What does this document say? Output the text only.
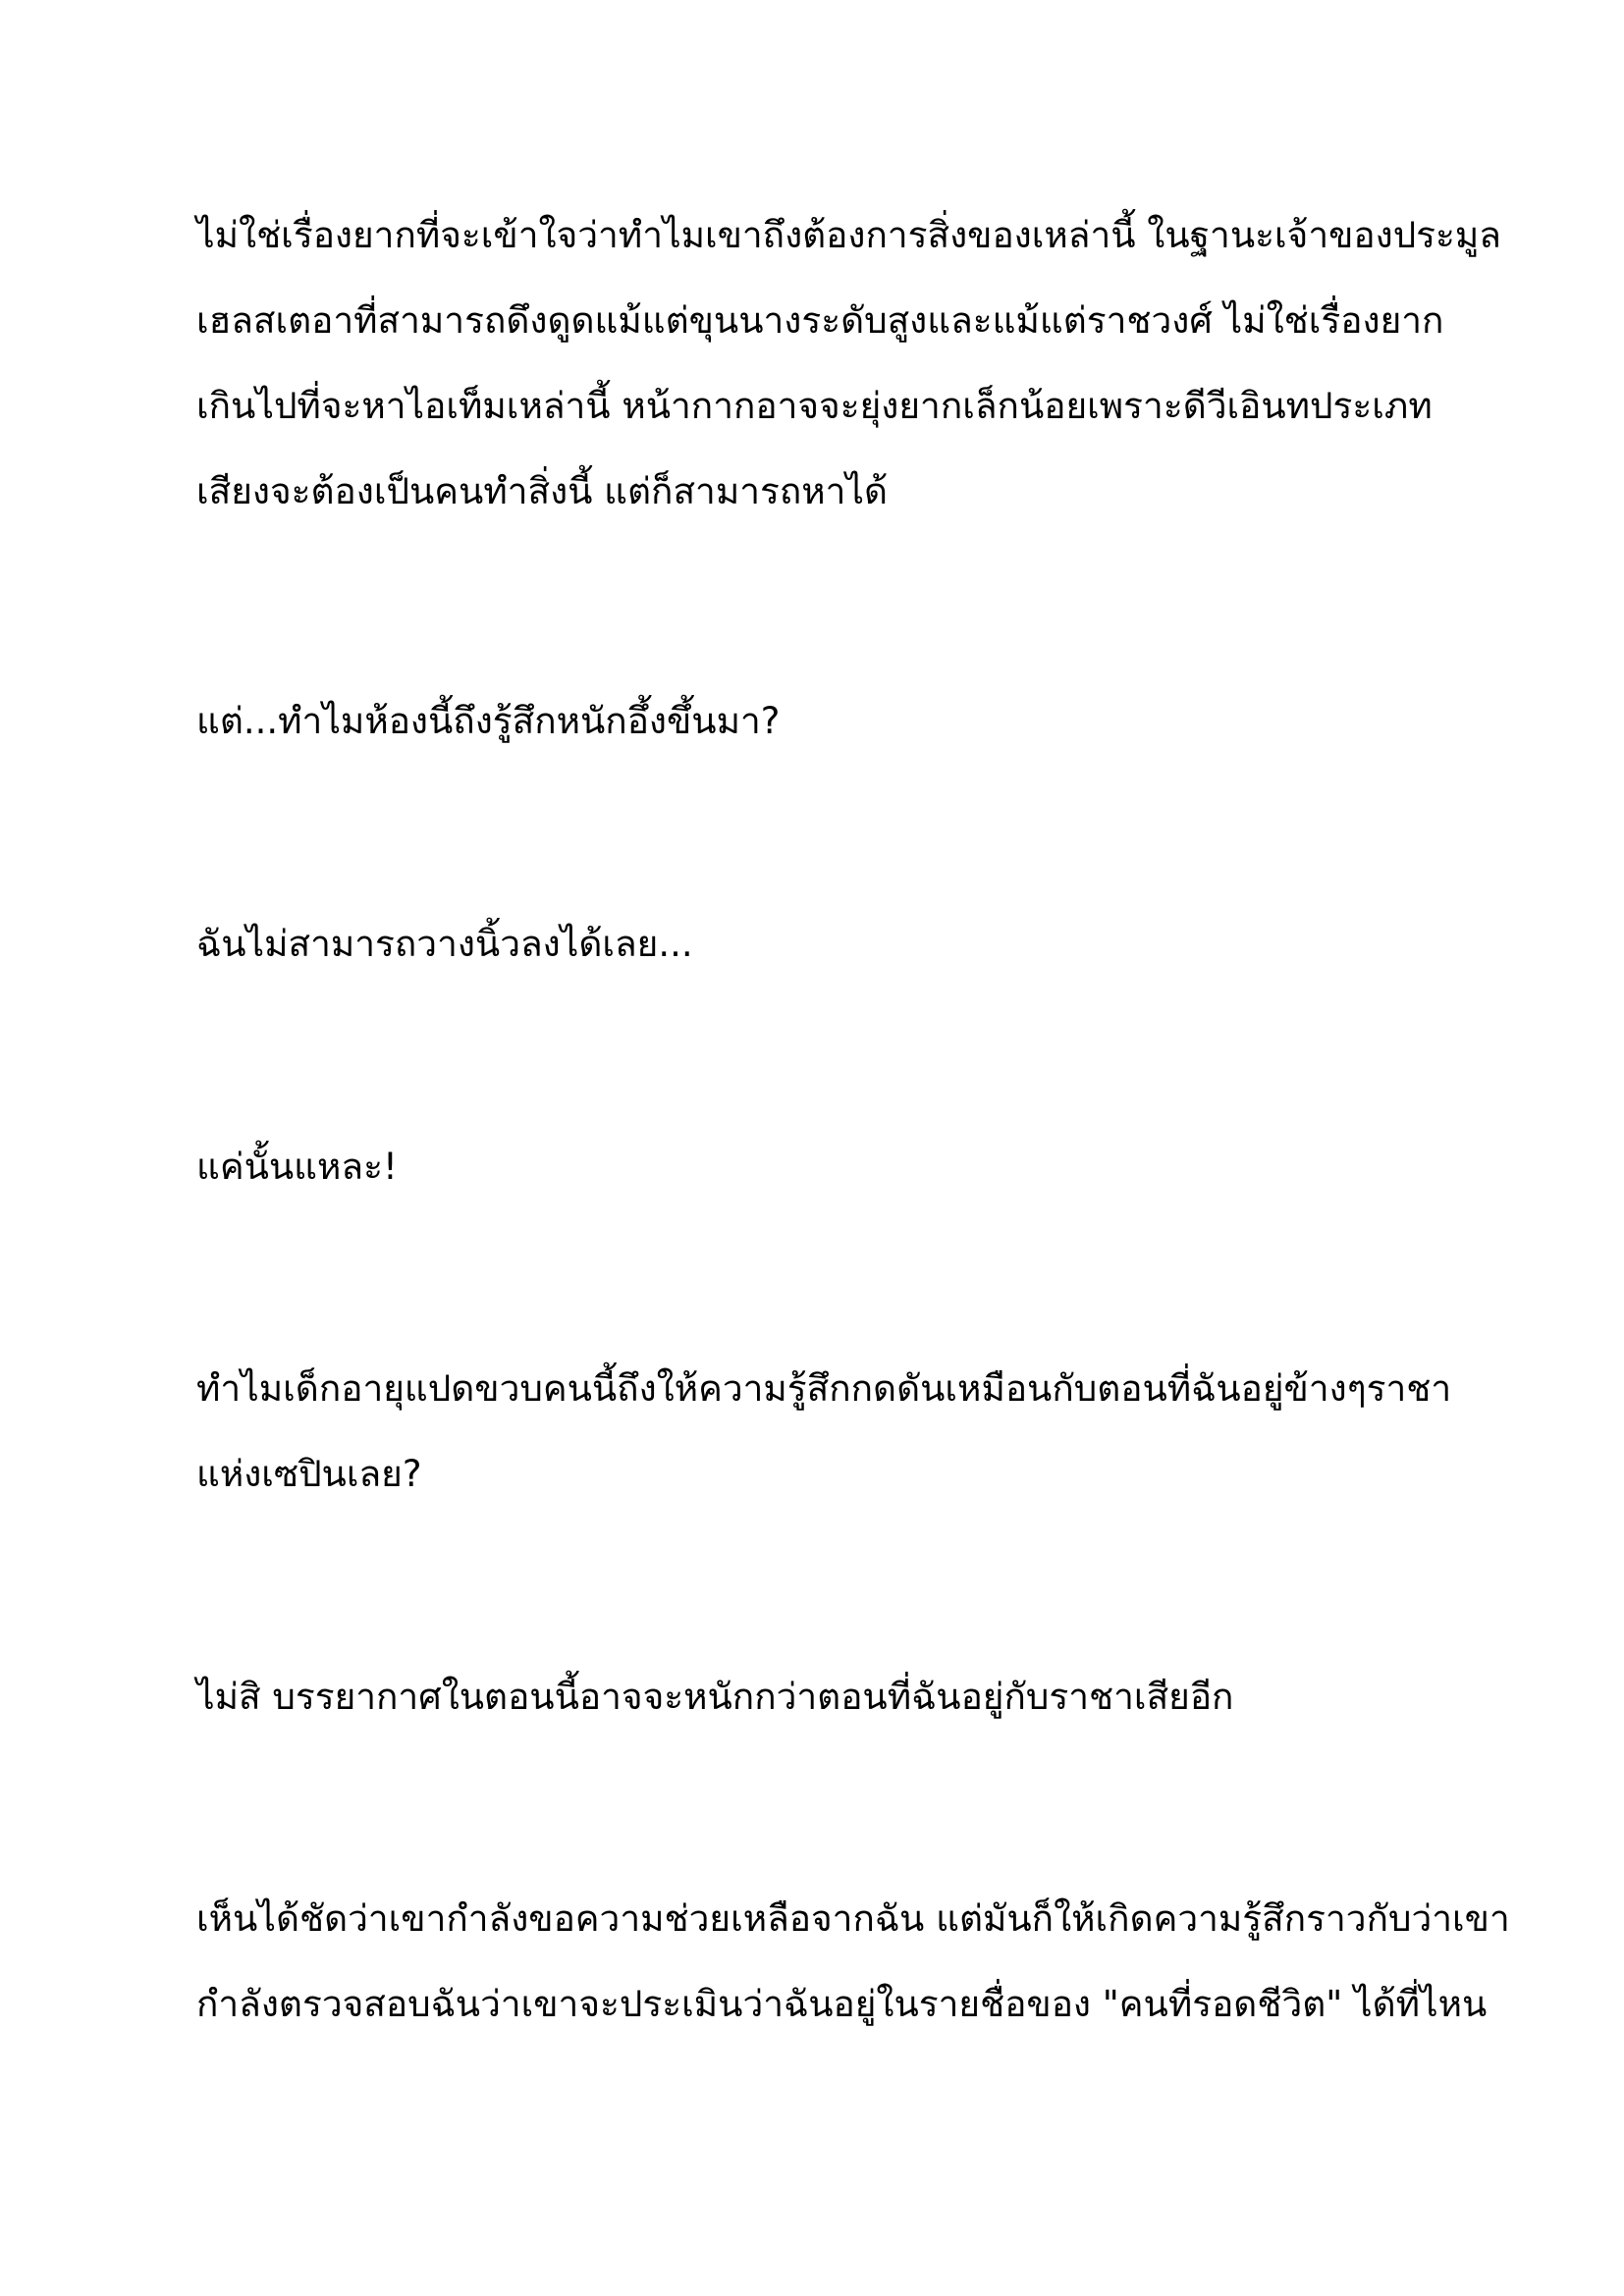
ไม่ใช่เรื่องยากที่จะเข้าใจว่าทำไมเขาถึงต้องการสิ่งของเหล่านี้ ในฐานะเจ้าของประมูล

เฮลสเตอาที่สามารถดึงดูดแม้แต่ขุนนางระดับสูงและแม้แต่ราชวงศ์ ไม่ใช่เรื่องยาก

เกินไปที่จะหาไอเท็มเหล่านี้ หน้ากากอาจจะยุ่งยากเล็กน้อยเพราะดีวีเอินทประเภท

เสียงจะต้องเป็นคนทำสิ่งนี้ แต่ก็สามารถหาได้

แต่...ทำไมห้องนี้ถึงรู้สึกหนักอึ้งขึ้นมา?

ฉันไม่สามารถวางนิ้วลงได้เลย...

แค่นั้นแหละ!

ทำไมเด็กอายุแปดขวบคนนี้ถึงให้ความรู้สึกกดดันเหมือนกับตอนที่ฉันอยู่ข้างๆราชา

แห่งเซปินเลย?

ไม่สิ บรรยากาศในตอนนี้อาจจะหนักกว่าตอนที่ฉันอยู่กับราชาเสียอีก

เห็นได้ชัดว่าเขากำลังขอความช่วยเหลือจากฉัน แต่มันก็ให้เกิดความรู้สึกราวกับว่าเขา

กำลังตรวจสอบฉันว่าเขาจะประเมินว่าฉันอยู่ในรายชื่อของ "คนที่รอดชีวิต" ได้ที่ไหน
